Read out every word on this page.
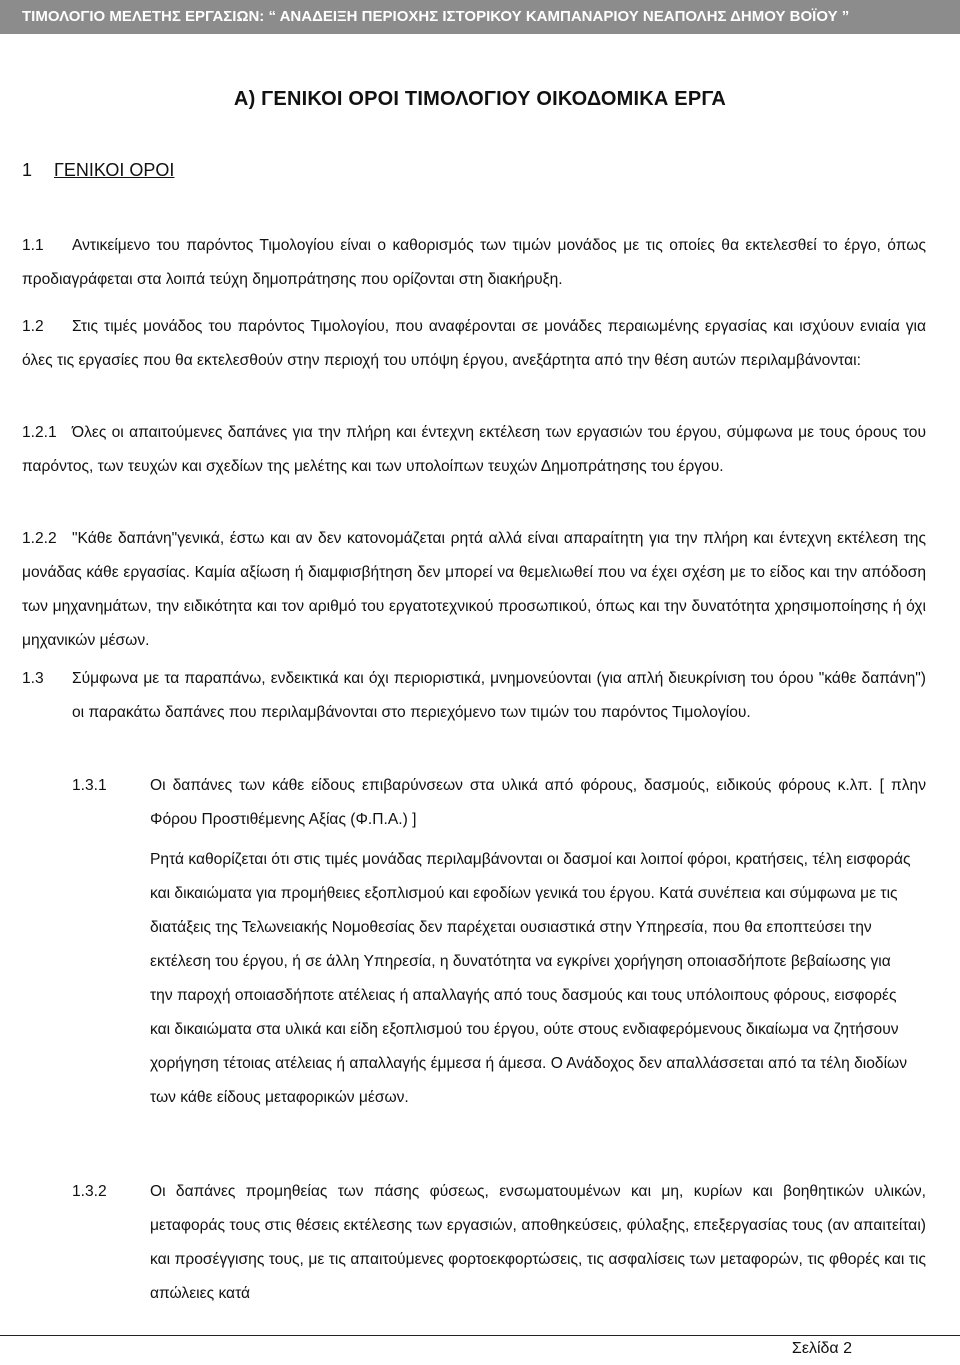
ΤΙΜΟΛΟΓΙΟ ΜΕΛΕΤΗΣ ΕΡΓΑΣΙΩΝ: “ ΑΝΑΔΕΙΞΗ ΠΕΡΙΟΧΗΣ ΙΣΤΟΡΙΚΟΥ ΚΑΜΠΑΝΑΡΙΟΥ ΝΕΑΠΟΛΗΣ ΔΗΜΟΥ ΒΟΪΟΥ ”
Α) ΓΕΝΙΚΟΙ ΟΡΟΙ ΤΙΜΟΛΟΓΙΟΥ ΟΙΚΟΔΟΜΙΚΑ ΕΡΓΑ
1 ΓΕΝΙΚΟΙ ΟΡΟΙ
1.1	Αντικείμενο του παρόντος Τιμολογίου είναι ο καθορισμός των τιμών μονάδος με τις οποίες θα εκτελεσθεί το έργο, όπως προδιαγράφεται στα λοιπά τεύχη δημοπράτησης που ορίζονται στη διακήρυξη.
1.2	Στις τιμές μονάδος του παρόντος Τιμολογίου, που αναφέρονται σε μονάδες περαιωμένης εργασίας και ισχύουν ενιαία για όλες τις εργασίες που θα εκτελεσθούν στην περιοχή του υπόψη έργου, ανεξάρτητα από την θέση αυτών περιλαμβάνονται:
1.2.1 Όλες οι απαιτούμενες δαπάνες για την πλήρη και έντεχνη εκτέλεση των εργασιών του έργου, σύμφωνα με τους όρους του παρόντος, των τευχών και σχεδίων της μελέτης και των υπολοίπων τευχών Δημοπράτησης του έργου.
1.2.2 "Κάθε δαπάνη"γενικά, έστω και αν δεν κατονομάζεται ρητά αλλά είναι απαραίτητη για την πλήρη και έντεχνη εκτέλεση της μονάδας κάθε εργασίας. Καμία αξίωση ή διαμφισβήτηση δεν μπορεί να θεμελιωθεί που να έχει σχέση με το είδος και την απόδοση των μηχανημάτων, την ειδικότητα και τον αριθμό του εργατοτεχνικού προσωπικού, όπως και την δυνατότητα χρησιμοποίησης ή όχι μηχανικών μέσων.
1.3 Σύμφωνα με τα παραπάνω, ενδεικτικά και όχι περιοριστικά, μνημονεύονται (για απλή διευκρίνιση του όρου "κάθε δαπάνη") οι παρακάτω δαπάνες που περιλαμβάνονται στο περιεχόμενο των τιμών του παρόντος Τιμολογίου.
1.3.1	Οι δαπάνες των κάθε είδους επιβαρύνσεων στα υλικά από φόρους, δασμούς, ειδικούς φόρους κ.λπ. [ πλην Φόρου Προστιθέμενης Αξίας (Φ.Π.Α.) ]
Ρητά καθορίζεται ότι στις τιμές μονάδας περιλαμβάνονται οι δασμοί και λοιποί φόροι, κρατήσεις, τέλη εισφοράς και δικαιώματα για προμήθειες εξοπλισμού και εφοδίων γενικά του έργου. Κατά συνέπεια και σύμφωνα με τις διατάξεις της Τελωνειακής Νομοθεσίας δεν παρέχεται ουσιαστικά στην Υπηρεσία, που θα εποπτεύσει την εκτέλεση του έργου, ή σε άλλη Υπηρεσία, η δυνατότητα να εγκρίνει χορήγηση οποιασδήποτε βεβαίωσης για την παροχή οποιασδήποτε ατέλειας ή απαλλαγής από τους δασμούς και τους υπόλοιπους φόρους, εισφορές και δικαιώματα στα υλικά και είδη εξοπλισμού του έργου, ούτε στους ενδιαφερόμενους δικαίωμα να ζητήσουν χορήγηση τέτοιας ατέλειας ή απαλλαγής έμμεσα ή άμεσα. Ο Ανάδοχος δεν απαλλάσσεται από τα τέλη διοδίων των κάθε είδους μεταφορικών μέσων.
1.3.2	Οι δαπάνες προμηθείας των πάσης φύσεως, ενσωματουμένων και μη, κυρίων και βοηθητικών υλικών, μεταφοράς τους στις θέσεις εκτέλεσης των εργασιών, αποθηκεύσεις, φύλαξης, επεξεργασίας τους (αν απαιτείται) και προσέγγισης τους, με τις απαιτούμενες φορτοεκφορτώσεις, τις ασφαλίσεις των μεταφορών, τις φθορές και τις απώλειες κατά
Σελίδα 2
